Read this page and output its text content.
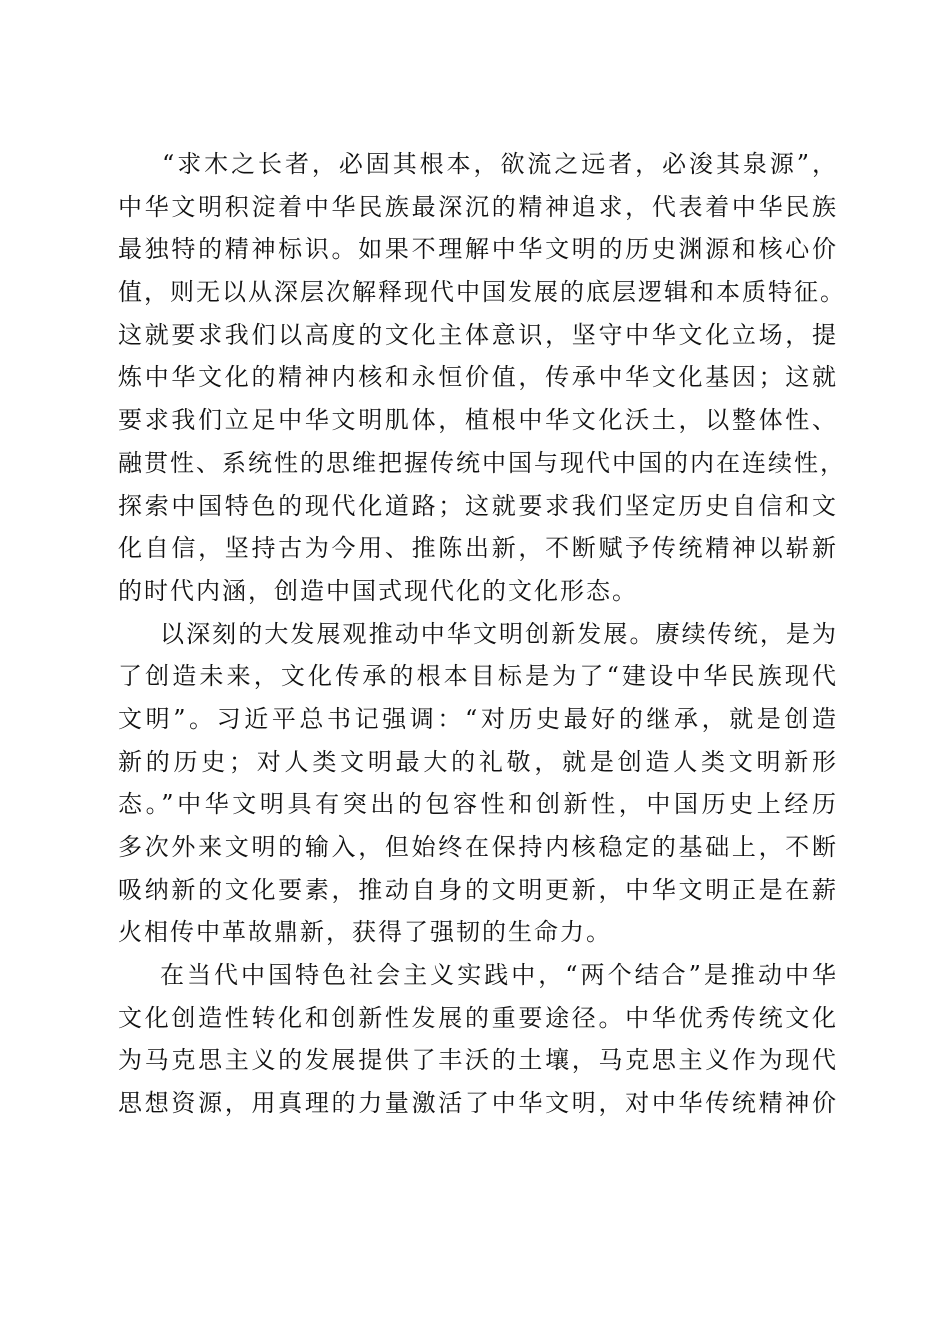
“求木之长者，必固其根本，欲流之远者，必浚其泉源”，
中华文明积淀着中华民族最深沉的精神追求，代表着中华民族
最独特的精神标识。如果不理解中华文明的历史渊源和核心价
值，则无以从深层次解释现代中国发展的底层逻辑和本质特征。
这就要求我们以高度的文化主体意识，坚守中华文化立场，提
炼中华文化的精神内核和永恒价值，传承中华文化基因；这就
要求我们立足中华文明肌体，植根中华文化沃土，以整体性、
融贯性、系统性的思维把握传统中国与现代中国的内在连续性，
探索中国特色的现代化道路；这就要求我们坚定历史自信和文
化自信，坚持古为今用、推陈出新，不断赋予传统精神以崭新
的时代内涵，创造中国式现代化的文化形态。
以深刻的大发展观推动中华文明创新发展。赓续传统，是为
了创造未来，文化传承的根本目标是为了“建设中华民族现代
文明”。习近平总书记强调：“对历史最好的继承，就是创造
新的历史；对人类文明最大的礼敬，就是创造人类文明新形
态。”中华文明具有突出的包容性和创新性，中国历史上经历
多次外来文明的输入，但始终在保持内核稳定的基础上，不断
吸纳新的文化要素，推动自身的文明更新，中华文明正是在薪
火相传中革故鼎新，获得了强韧的生命力。
在当代中国特色社会主义实践中，“两个结合”是推动中华
文化创造性转化和创新性发展的重要途径。中华优秀传统文化
为马克思主义的发展提供了丰沃的土壤，马克思主义作为现代
思想资源，用真理的力量激活了中华文明，对中华传统精神价
